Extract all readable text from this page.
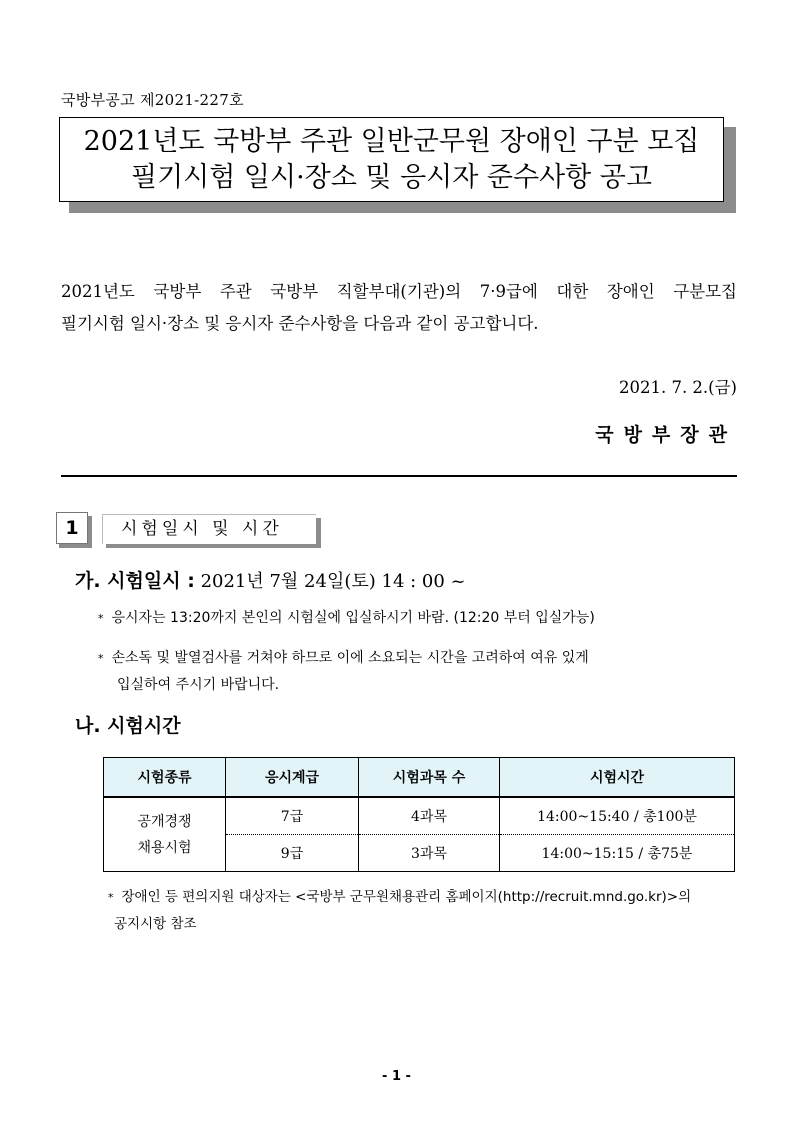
국방부공고 제2021-227호
2021년도 국방부 주관 일반군무원 장애인 구분 모집
필기시험 일시·장소 및 응시자 준수사항 공고
2021년도 국방부 주관 국방부 직할부대(기관)의 7·9급에 대한 장애인 구분모집
필기시험 일시·장소 및 응시자 준수사항을 다음과 같이 공고합니다.
2021. 7. 2.(금)
국방부장관
1	시험일시 및 시간
가. 시험일시 : 2021년 7월 24일(토) 14 : 00 ~
* 응시자는 13:20까지 본인의 시험실에 입실하시기 바람. (12:20 부터 입실가능)
* 손소독 및 발열검사를 거쳐야 하므로 이에 소요되는 시간을 고려하여 여유 있게
입실하여 주시기 바랍니다.
나. 시험시간
시험종류	응시계급	시험과목 수	시험시간

공개경쟁
채용시험	7급	4과목	14:00~15:40 / 총100분
	9급	3과목	14:00~15:15 / 총75분
* 장애인 등 편의지원 대상자는 <국방부 군무원채용관리 홈페이지(http://recruit.mnd.go.kr)>의
공지시항 참조
- 1 -
